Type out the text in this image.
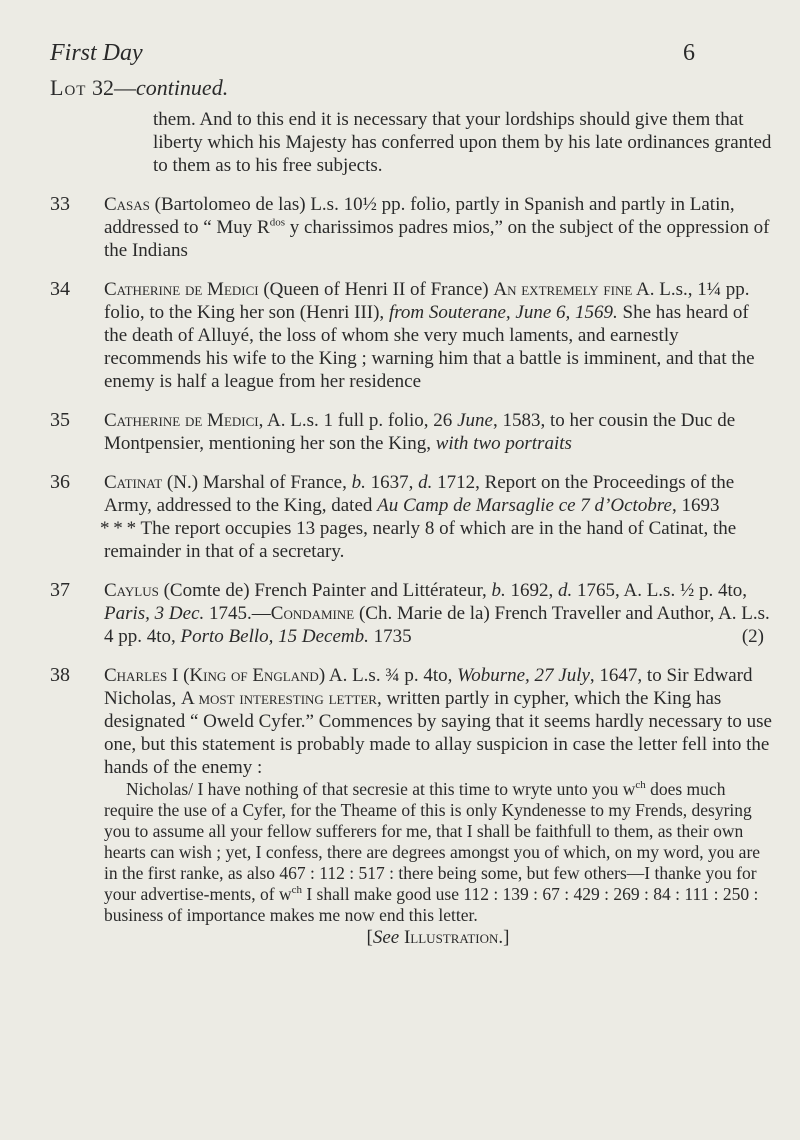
First Day	6
Lot 32—continued.

them. And to this end it is necessary that your lordships should give them that liberty which his Majesty has conferred upon them by his late ordinances granted to them as to his free subjects.

33	Casas (Bartolomeo de las) L.s. 10½ pp. folio, partly in Spanish and partly in Latin, addressed to “ Muy $R^{dos}$ y charissimos padres mios,” on the subject of the oppression of the Indians

34	Catherine de Medici (Queen of Henri II of France) An extremely fine A. L.s., 1¼ pp. folio, to the King her son (Henri III), from Souterane, June 6, 1569. She has heard of the death of Alluyé, the loss of whom she very much laments, and earnestly recommends his wife to the King ; warning him that a battle is imminent, and that the enemy is half a league from her residence

35	Catherine de Medici, A. L.s. 1 full p. folio, 26 June, 1583, to her cousin the Duc de Montpensier, mentioning her son the King, with two portraits

36	Catinat (N.) Marshal of France, b. 1637, d. 1712, Report on the Proceedings of the Army, addressed to the King, dated Au Camp de Marsaglie ce 7 d’Octobre, 1693

* * * The report occupies 13 pages, nearly 8 of which are in the hand of Catinat, the remainder in that of a secretary.

37	Caylus (Comte de) French Painter and Littérateur, b. 1692, d. 1765, A. L.s. ½ p. 4to, Paris, 3 Dec. 1745.—Condamine (Ch. Marie de la) French Traveller and Author, A. L.s. 4 pp. 4to, Porto Bello, 15 Decemb. 1735	(2)

38	Charles I (King of England) A. L.s. ¾ p. 4to, Woburne, 27 July, 1647, to Sir Edward Nicholas, A most interesting letter, written partly in cypher, which the King has designated “ Oweld Cyfer.” Commences by saying that it seems hardly necessary to use one, but this statement is probably made to allay suspicion in case the letter fell into the hands of the enemy :

Nicholas/ I have nothing of that secresie at this time to wryte unto you $w^{ch}$ does much require the use of a Cyfer, for the Theame of this is only Kyndenesse to my Frends, desyring you to assume all your fellow sufferers for me, that I shall be faithfull to them, as their own hearts can wish ; yet, I confess, there are degrees amongst you of which, on my word, you are in the first ranke, as also 467 : 112 : 517 : there being some, but few others—I thanke you for your advertise-ments, of $w^{ch}$ I shall make good use 112 : 139 : 67 : 429 : 269 : 84 : 111 : 250 : business of importance makes me now end this letter.

[See Illustration.]
